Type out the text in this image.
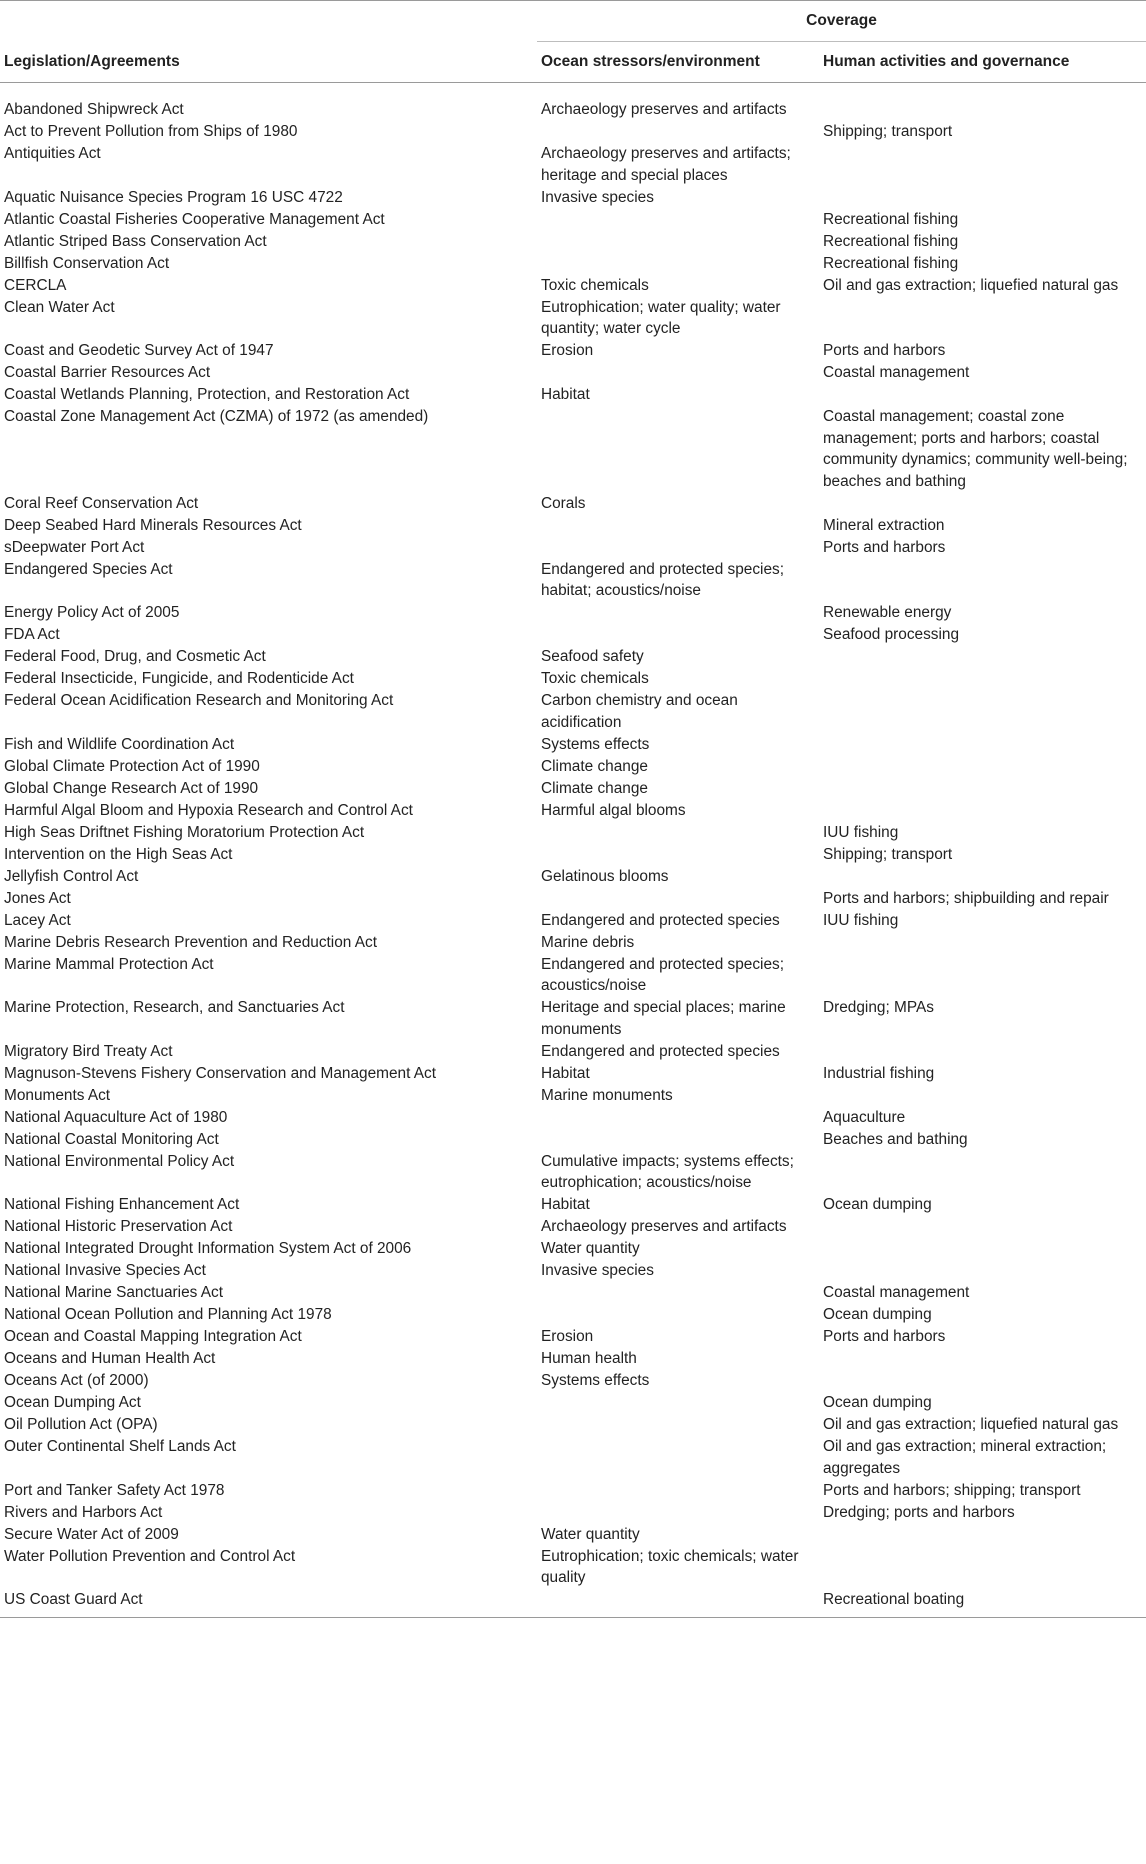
	Coverage	
Legislation/Agreements	Ocean stressors/environment	Human activities and governance
Abandoned Shipwreck Act	Archaeology preserves and artifacts	
Act to Prevent Pollution from Ships of 1980		Shipping; transport
Antiquities Act	Archaeology preserves and artifacts; heritage and special places	
Aquatic Nuisance Species Program 16 USC 4722	Invasive species	
Atlantic Coastal Fisheries Cooperative Management Act		Recreational fishing
Atlantic Striped Bass Conservation Act		Recreational fishing
Billfish Conservation Act		Recreational fishing
CERCLA	Toxic chemicals	Oil and gas extraction; liquefied natural gas
Clean Water Act	Eutrophication; water quality; water quantity; water cycle	
Coast and Geodetic Survey Act of 1947	Erosion	Ports and harbors
Coastal Barrier Resources Act		Coastal management
Coastal Wetlands Planning, Protection, and Restoration Act	Habitat	
Coastal Zone Management Act (CZMA) of 1972 (as amended)		Coastal management; coastal zone management; ports and harbors; coastal community dynamics; community well-being; beaches and bathing
Coral Reef Conservation Act	Corals	
Deep Seabed Hard Minerals Resources Act		Mineral extraction
sDeepwater Port Act		Ports and harbors
Endangered Species Act	Endangered and protected species; habitat; acoustics/noise	
Energy Policy Act of 2005		Renewable energy
FDA Act		Seafood processing
Federal Food, Drug, and Cosmetic Act	Seafood safety	
Federal Insecticide, Fungicide, and Rodenticide Act	Toxic chemicals	
Federal Ocean Acidification Research and Monitoring Act	Carbon chemistry and ocean acidification	
Fish and Wildlife Coordination Act	Systems effects	
Global Climate Protection Act of 1990	Climate change	
Global Change Research Act of 1990	Climate change	
Harmful Algal Bloom and Hypoxia Research and Control Act	Harmful algal blooms	
High Seas Driftnet Fishing Moratorium Protection Act		IUU fishing
Intervention on the High Seas Act		Shipping; transport
Jellyfish Control Act	Gelatinous blooms	
Jones Act		Ports and harbors; shipbuilding and repair
Lacey Act	Endangered and protected species	IUU fishing
Marine Debris Research Prevention and Reduction Act	Marine debris	
Marine Mammal Protection Act	Endangered and protected species; acoustics/noise	
Marine Protection, Research, and Sanctuaries Act	Heritage and special places; marine monuments	Dredging; MPAs
Migratory Bird Treaty Act	Endangered and protected species	
Magnuson-Stevens Fishery Conservation and Management Act	Habitat	Industrial fishing
Monuments Act	Marine monuments	
National Aquaculture Act of 1980		Aquaculture
National Coastal Monitoring Act		Beaches and bathing
National Environmental Policy Act	Cumulative impacts; systems effects; eutrophication; acoustics/noise	
National Fishing Enhancement Act	Habitat	Ocean dumping
National Historic Preservation Act	Archaeology preserves and artifacts	
National Integrated Drought Information System Act of 2006	Water quantity	
National Invasive Species Act	Invasive species	
National Marine Sanctuaries Act		Coastal management
National Ocean Pollution and Planning Act 1978		Ocean dumping
Ocean and Coastal Mapping Integration Act	Erosion	Ports and harbors
Oceans and Human Health Act	Human health	
Oceans Act (of 2000)	Systems effects	
Ocean Dumping Act		Ocean dumping
Oil Pollution Act (OPA)		Oil and gas extraction; liquefied natural gas
Outer Continental Shelf Lands Act		Oil and gas extraction; mineral extraction; aggregates
Port and Tanker Safety Act 1978		Ports and harbors; shipping; transport
Rivers and Harbors Act		Dredging; ports and harbors
Secure Water Act of 2009	Water quantity	
Water Pollution Prevention and Control Act	Eutrophication; toxic chemicals; water quality	
US Coast Guard Act		Recreational boating
